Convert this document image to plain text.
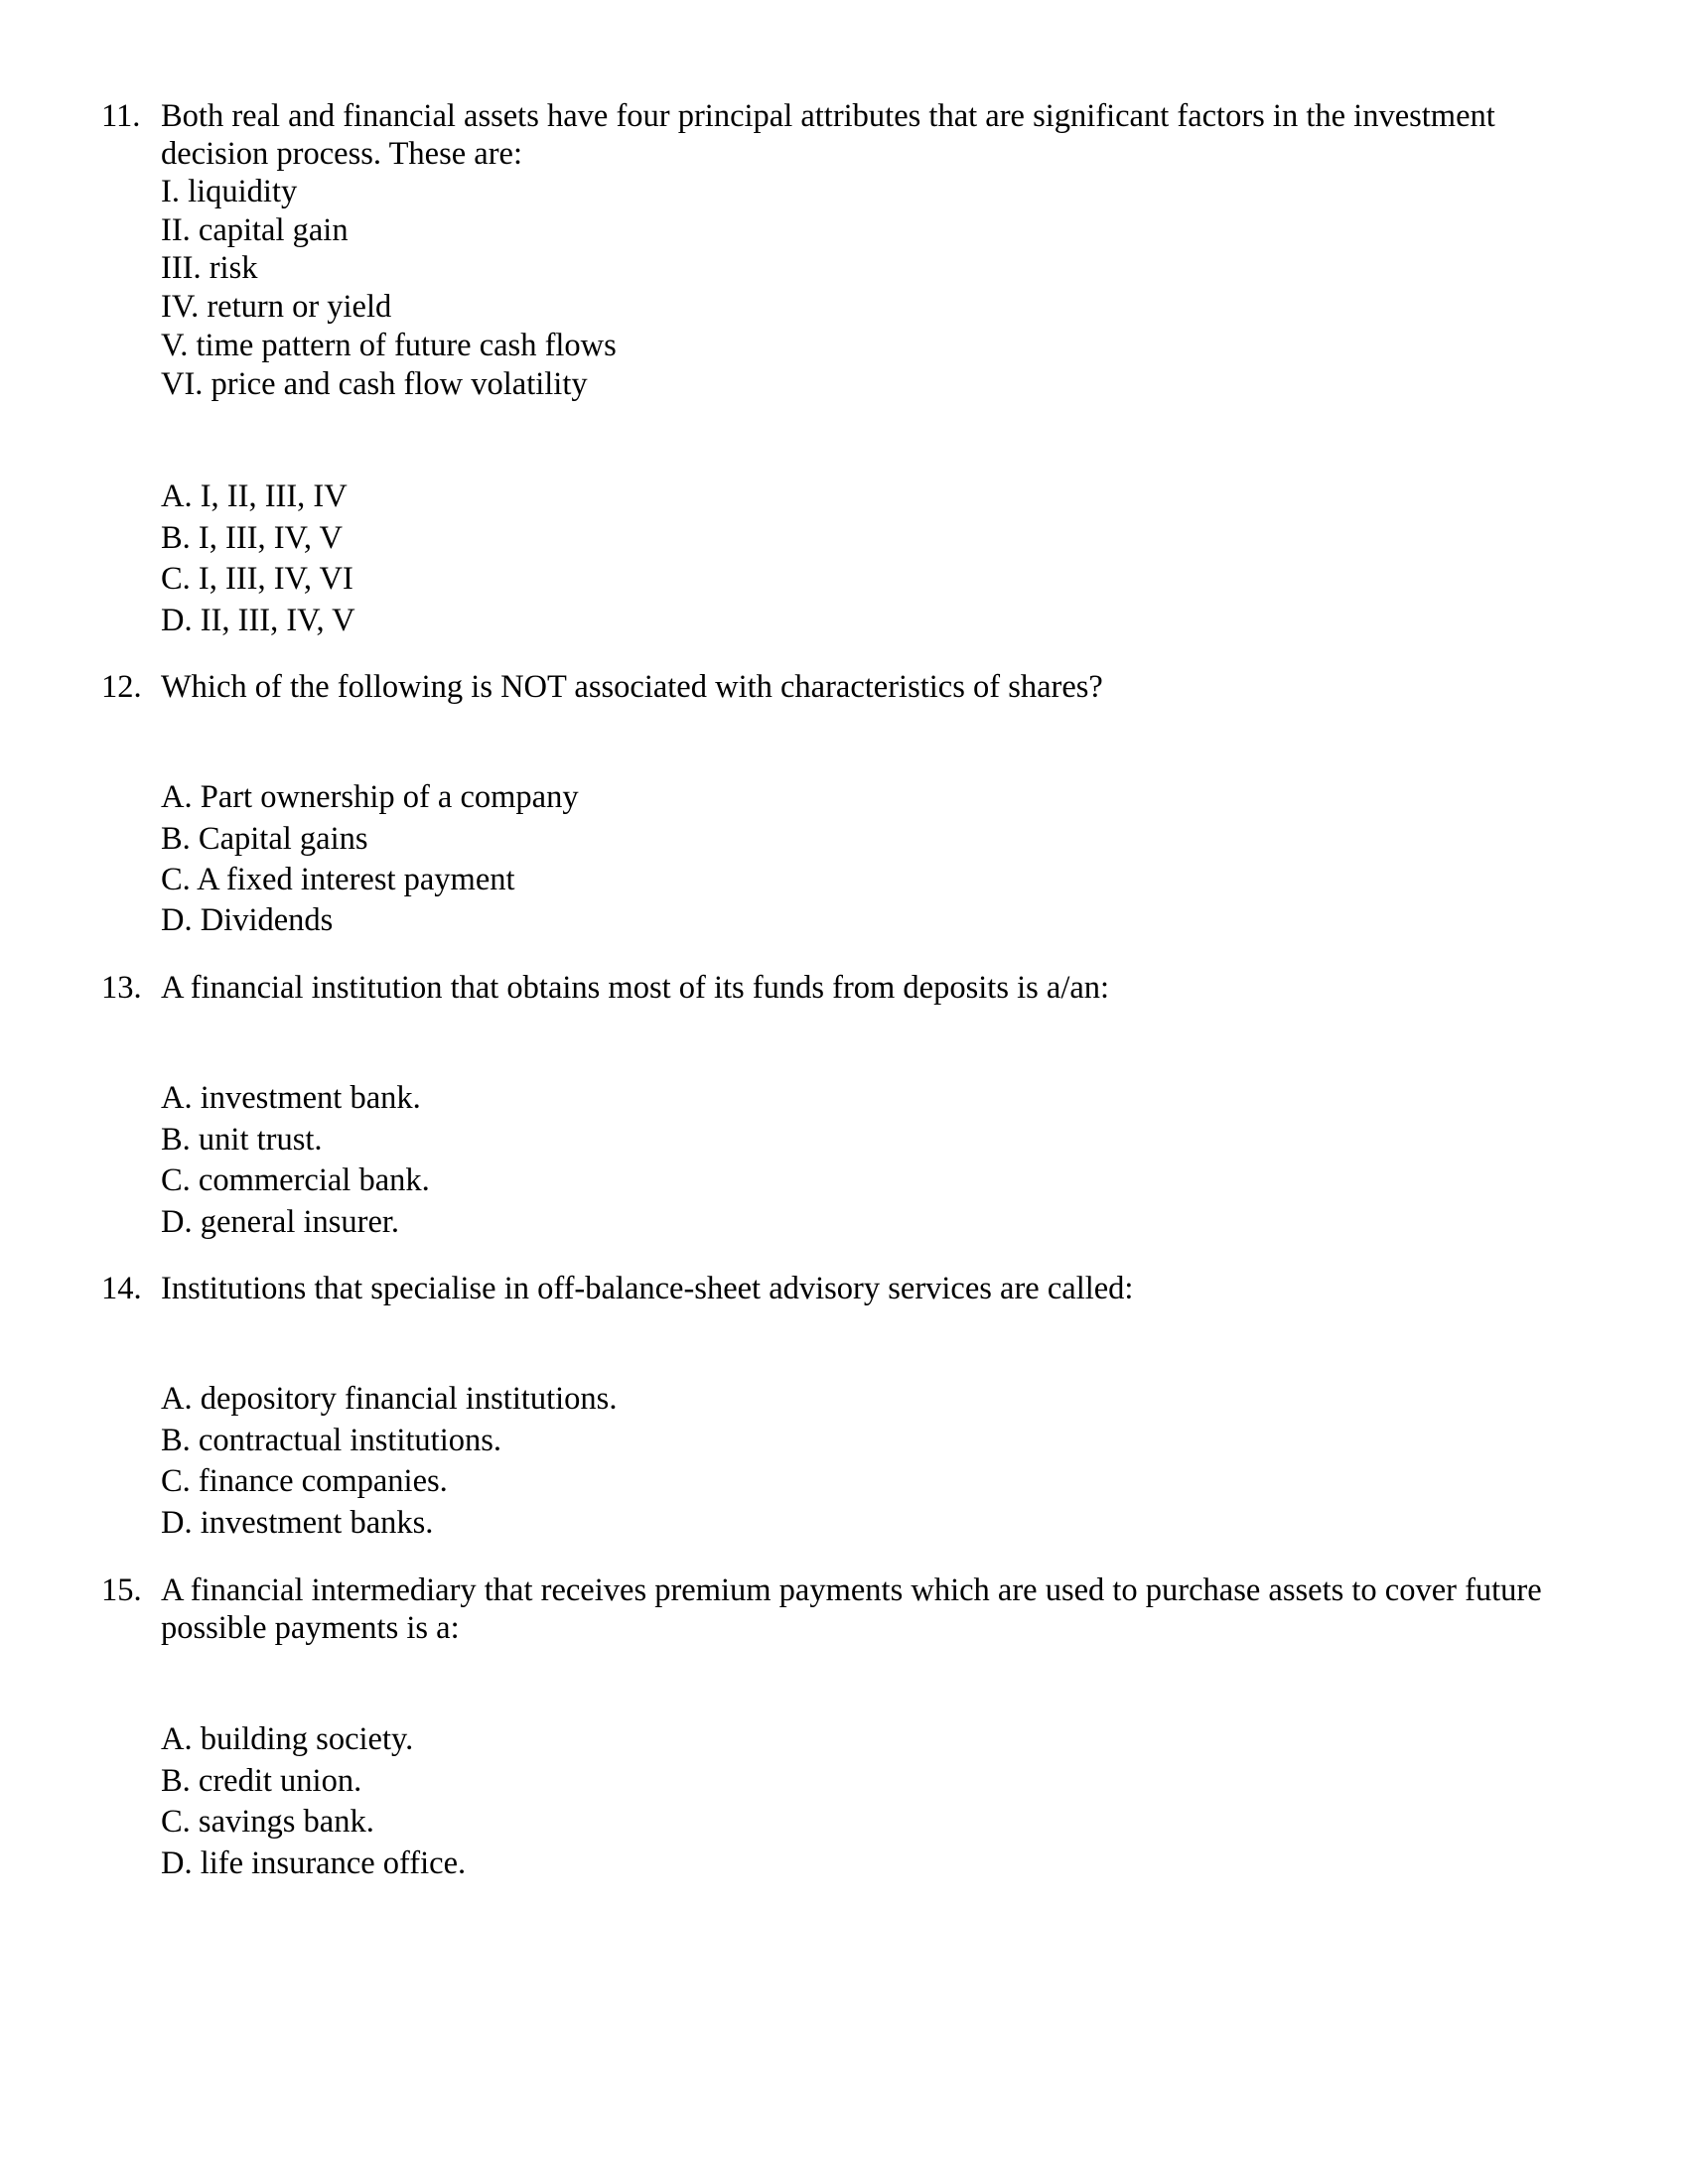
11. Both real and financial assets have four principal attributes that are significant factors in the investment
decision process. These are:
I. liquidity
II. capital gain
III. risk
IV. return or yield
V. time pattern of future cash flows
VI. price and cash flow volatility
A. I, II, III, IV
B. I, III, IV, V
C. I, III, IV, VI
D. II, III, IV, V
12. Which of the following is NOT associated with characteristics of shares?
A. Part ownership of a company
B. Capital gains
C. A fixed interest payment
D. Dividends
13. A financial institution that obtains most of its funds from deposits is a/an:
A. investment bank.
B. unit trust.
C. commercial bank.
D. general insurer.
14. Institutions that specialise in off-balance-sheet advisory services are called:
A. depository financial institutions.
B. contractual institutions.
C. finance companies.
D. investment banks.
15. A financial intermediary that receives premium payments which are used to purchase assets to cover future
possible payments is a:
A. building society.
B. credit union.
C. savings bank.
D. life insurance office.
